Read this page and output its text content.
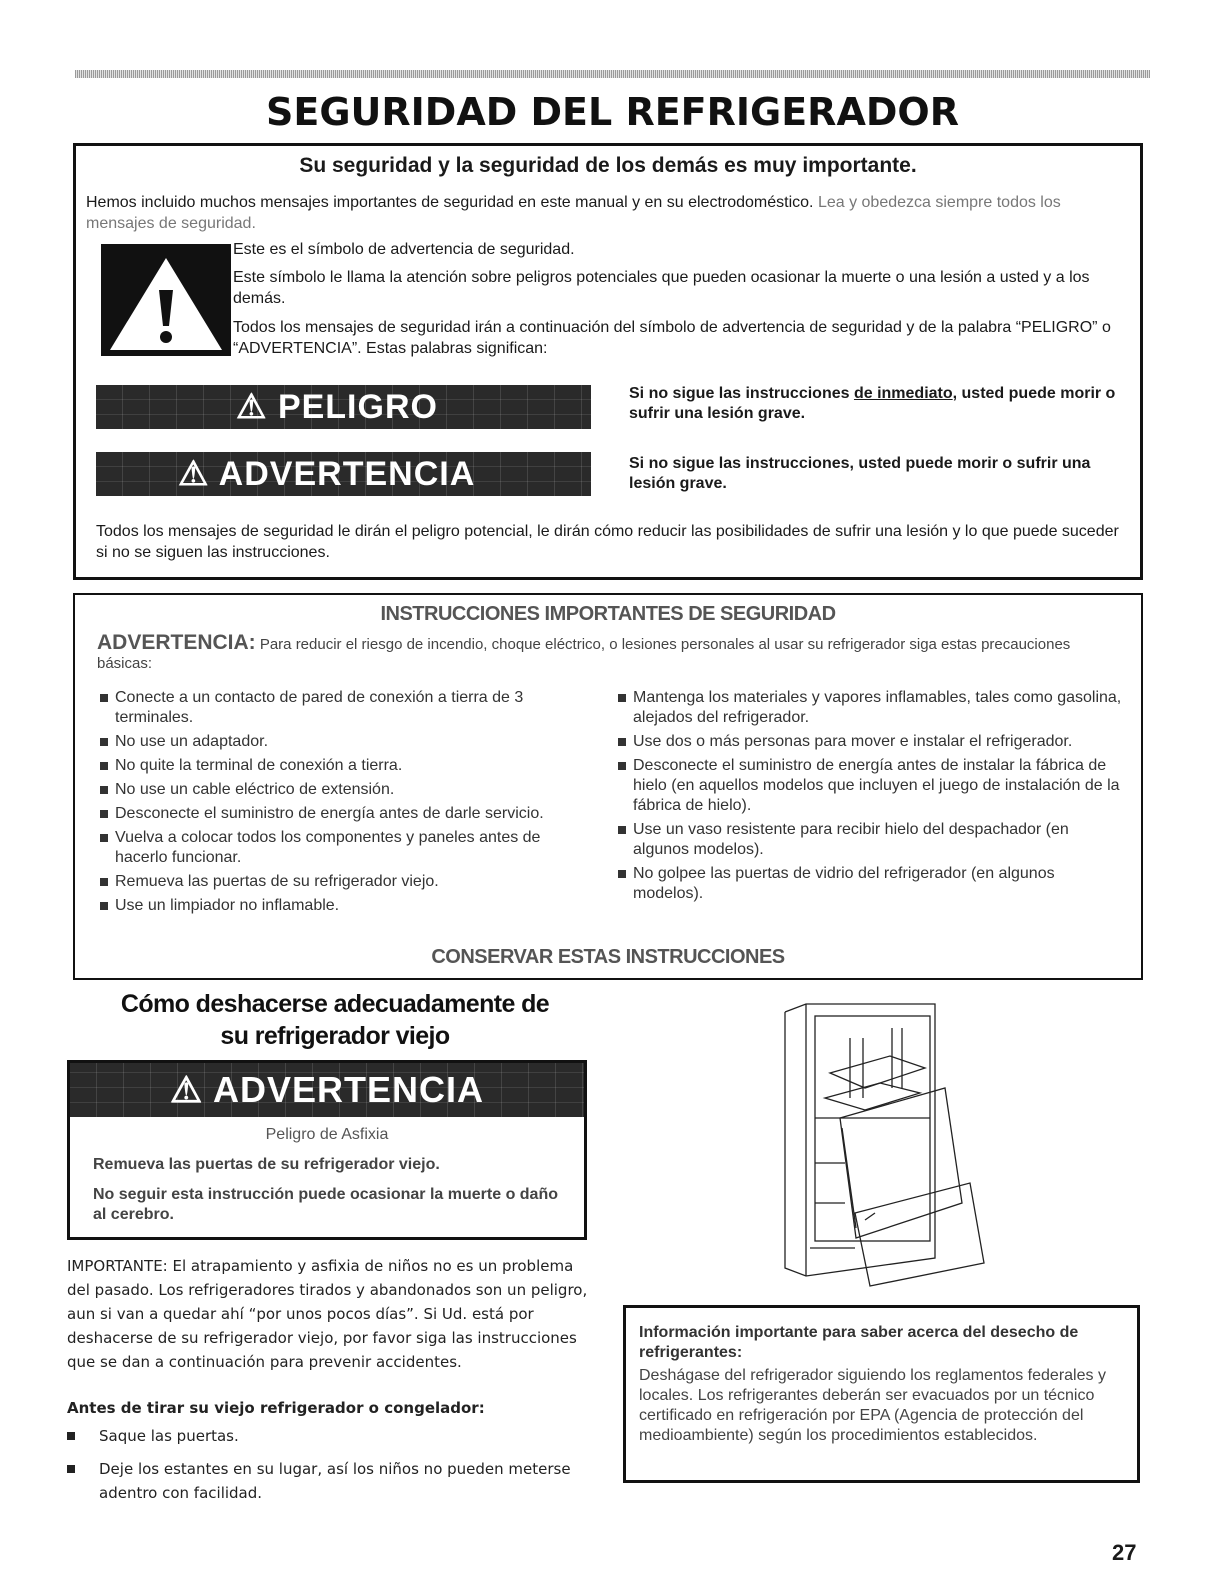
SEGURIDAD DEL REFRIGERADOR
Su seguridad y la seguridad de los demás es muy importante.
Hemos incluido muchos mensajes importantes de seguridad en este manual y en su electrodoméstico. Lea y obedezca siempre todos los mensajes de seguridad.
Este es el símbolo de advertencia de seguridad.
Este símbolo le llama la atención sobre peligros potenciales que pueden ocasionar la muerte o una lesión a usted y a los demás.
Todos los mensajes de seguridad irán a continuación del símbolo de advertencia de seguridad y de la palabra “PELIGRO” o “ADVERTENCIA”. Estas palabras significan:
⚠ PELIGRO	Si no sigue las instrucciones de inmediato, usted puede morir o sufrir una lesión grave.
⚠ ADVERTENCIA	Si no sigue las instrucciones, usted puede morir o sufrir una lesión grave.
Todos los mensajes de seguridad le dirán el peligro potencial, le dirán cómo reducir las posibilidades de sufrir una lesión y lo que puede suceder si no se siguen las instrucciones.
INSTRUCCIONES IMPORTANTES DE SEGURIDAD
ADVERTENCIA: Para reducir el riesgo de incendio, choque eléctrico, o lesiones personales al usar su refrigerador siga estas precauciones básicas:
Conecte a un contacto de pared de conexión a tierra de 3 terminales.
No use un adaptador.
No quite la terminal de conexión a tierra.
No use un cable eléctrico de extensión.
Desconecte el suministro de energía antes de darle servicio.
Vuelva a colocar todos los componentes y paneles antes de hacerlo funcionar.
Remueva las puertas de su refrigerador viejo.
Use un limpiador no inflamable.
Mantenga los materiales y vapores inflamables, tales como gasolina, alejados del refrigerador.
Use dos o más personas para mover e instalar el refrigerador.
Desconecte el suministro de energía antes de instalar la fábrica de hielo (en aquellos modelos que incluyen el juego de instalación de la fábrica de hielo).
Use un vaso resistente para recibir hielo del despachador (en algunos modelos).
No golpee las puertas de vidrio del refrigerador (en algunos modelos).
CONSERVAR ESTAS INSTRUCCIONES
Cómo deshacerse adecuadamente de
su refrigerador viejo
⚠ ADVERTENCIA
Peligro de Asfixia
Remueva las puertas de su refrigerador viejo.
No seguir esta instrucción puede ocasionar la muerte o daño al cerebro.
IMPORTANTE: El atrapamiento y asfixia de niños no es un problema del pasado. Los refrigeradores tirados y abandonados son un peligro, aun si van a quedar ahí “por unos pocos días”. Si Ud. está por deshacerse de su refrigerador viejo, por favor siga las instrucciones que se dan a continuación para prevenir accidentes.
Antes de tirar su viejo refrigerador o congelador:
Saque las puertas.
Deje los estantes en su lugar, así los niños no pueden meterse adentro con facilidad.
Información importante para saber acerca del desecho de refrigerantes:
Deshágase del refrigerador siguiendo los reglamentos federales y locales. Los refrigerantes deberán ser evacuados por un técnico certificado en refrigeración por EPA (Agencia de protección del medioambiente) según los procedimientos establecidos.
27
